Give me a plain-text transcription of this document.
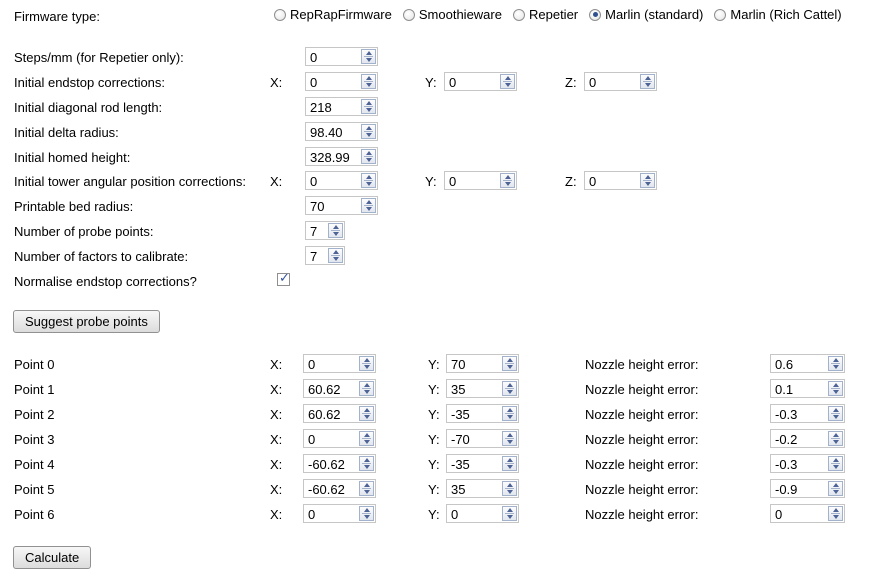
Firmware type:	RepRapFirmware Smoothieware Repetier Marlin (standard) Marlin (Rich Cattel)
Steps/mm (for Repetier only):	0
Initial endstop corrections:	X: 0	Y: 0	Z: 0
Initial diagonal rod length:	218
Initial delta radius:	98.40
Initial homed height:	328.99
Initial tower angular position corrections: X: 0	Y: 0	Z: 0
Printable bed radius:	70
Number of probe points:	7
Number of factors to calibrate:	7
Normalise endstop corrections?	✓
Suggest probe points
Point 0	X: 0	Y: 70	Nozzle height error:	0.6
Point 1	X: 60.62	Y: 35	Nozzle height error:	0.1
Point 2	X: 60.62	Y: -35	Nozzle height error:	-0.3
Point 3	X: 0	Y: -70	Nozzle height error:	-0.2
Point 4	X: -60.62	Y: -35	Nozzle height error:	-0.3
Point 5	X: -60.62	Y: 35	Nozzle height error:	-0.9
Point 6	X: 0	Y: 0	Nozzle height error:	0
Calculate
